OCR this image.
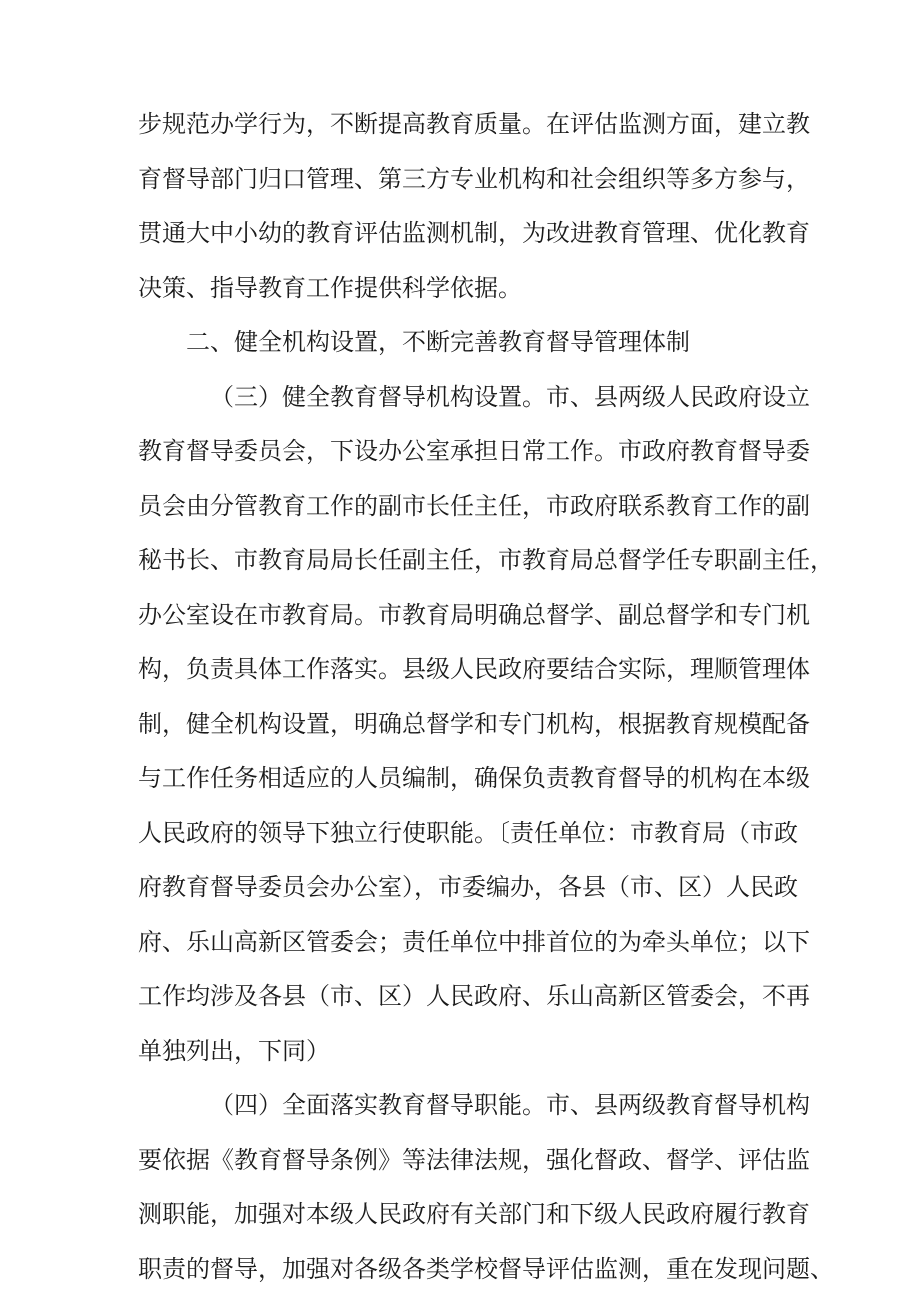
步规范办学行为，不断提高教育质量。在评估监测方面，建立教
育督导部门归口管理、第三方专业机构和社会组织等多方参与，
贯通大中小幼的教育评估监测机制，为改进教育管理、优化教育
决策、指导教育工作提供科学依据。
二、健全机构设置，不断完善教育督导管理体制
（三）健全教育督导机构设置。市、县两级人民政府设立
教育督导委员会，下设办公室承担日常工作。市政府教育督导委
员会由分管教育工作的副市长任主任，市政府联系教育工作的副
秘书长、市教育局局长任副主任，市教育局总督学任专职副主任，
办公室设在市教育局。市教育局明确总督学、副总督学和专门机
构，负责具体工作落实。县级人民政府要结合实际，理顺管理体
制，健全机构设置，明确总督学和专门机构，根据教育规模配备
与工作任务相适应的人员编制，确保负责教育督导的机构在本级
人民政府的领导下独立行使职能。〔责任单位：市教育局（市政
府教育督导委员会办公室），市委编办，各县（市、区）人民政
府、乐山高新区管委会；责任单位中排首位的为牵头单位；以下
工作均涉及各县（市、区）人民政府、乐山高新区管委会，不再
单独列出，下同）
（四）全面落实教育督导职能。市、县两级教育督导机构
要依据《教育督导条例》等法律法规，强化督政、督学、评估监
测职能，加强对本级人民政府有关部门和下级人民政府履行教育
职责的督导，加强对各级各类学校督导评估监测，重在发现问题、
